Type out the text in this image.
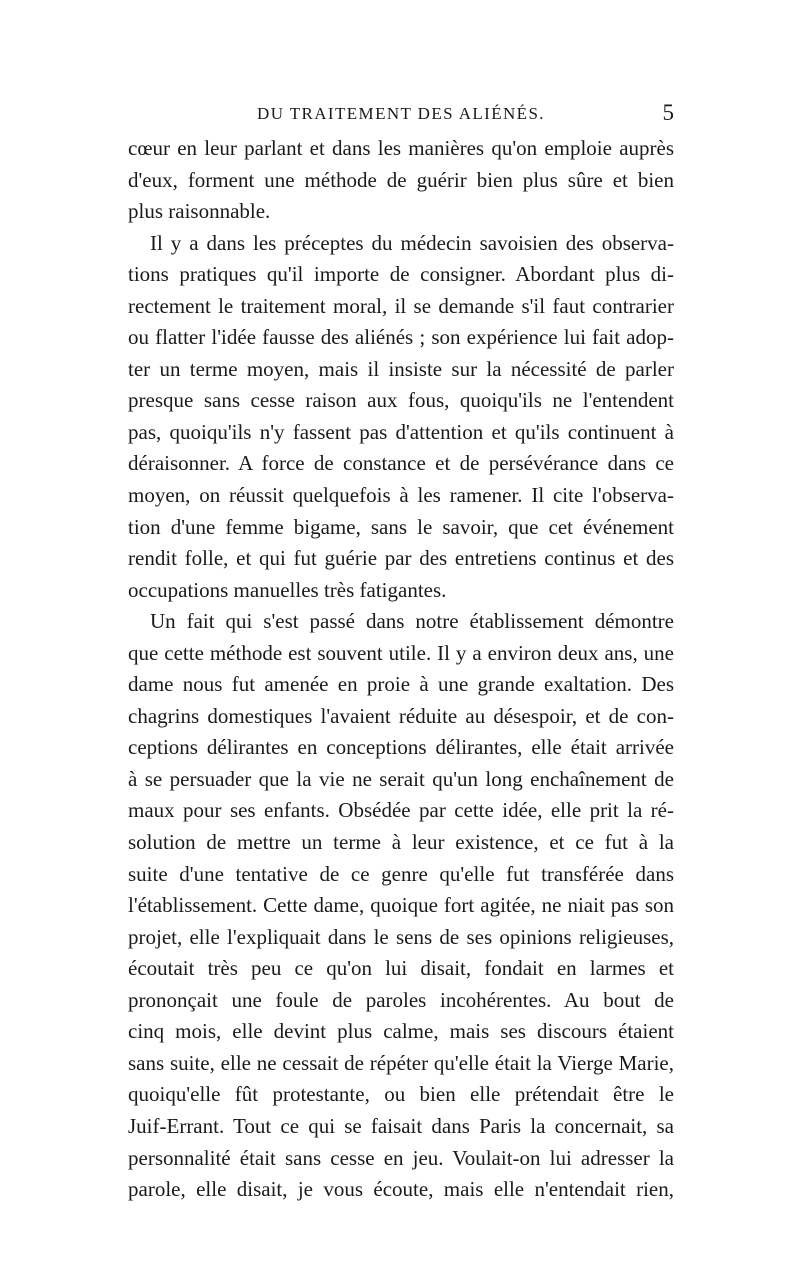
DU TRAITEMENT DES ALIÉNÉS.	5
cœur en leur parlant et dans les manières qu'on emploie auprès
d'eux, forment une méthode de guérir bien plus sûre et bien
plus raisonnable.
Il y a dans les préceptes du médecin savoisien des observa-
tions pratiques qu'il importe de consigner. Abordant plus di-
rectement le traitement moral, il se demande s'il faut contrarier
ou flatter l'idée fausse des aliénés ; son expérience lui fait adop-
ter un terme moyen, mais il insiste sur la nécessité de parler
presque sans cesse raison aux fous, quoiqu'ils ne l'entendent
pas, quoiqu'ils n'y fassent pas d'attention et qu'ils continuent à
déraisonner. A force de constance et de persévérance dans ce
moyen, on réussit quelquefois à les ramener. Il cite l'observa-
tion d'une femme bigame, sans le savoir, que cet événement
rendit folle, et qui fut guérie par des entretiens continus et des
occupations manuelles très fatigantes.
Un fait qui s'est passé dans notre établissement démontre
que cette méthode est souvent utile. Il y a environ deux ans, une
dame nous fut amenée en proie à une grande exaltation. Des
chagrins domestiques l'avaient réduite au désespoir, et de con-
ceptions délirantes en conceptions délirantes, elle était arrivée
à se persuader que la vie ne serait qu'un long enchaînement de
maux pour ses enfants. Obsédée par cette idée, elle prit la ré-
solution de mettre un terme à leur existence, et ce fut à la
suite d'une tentative de ce genre qu'elle fut transférée dans
l'établissement. Cette dame, quoique fort agitée, ne niait pas son
projet, elle l'expliquait dans le sens de ses opinions religieuses,
écoutait très peu ce qu'on lui disait, fondait en larmes et
prononçait une foule de paroles incohérentes. Au bout de
cinq mois, elle devint plus calme, mais ses discours étaient
sans suite, elle ne cessait de répéter qu'elle était la Vierge Marie,
quoiqu'elle fût protestante, ou bien elle prétendait être le
Juif-Errant. Tout ce qui se faisait dans Paris la concernait, sa
personnalité était sans cesse en jeu. Voulait-on lui adresser la
parole, elle disait, je vous écoute, mais elle n'entendait rien,
